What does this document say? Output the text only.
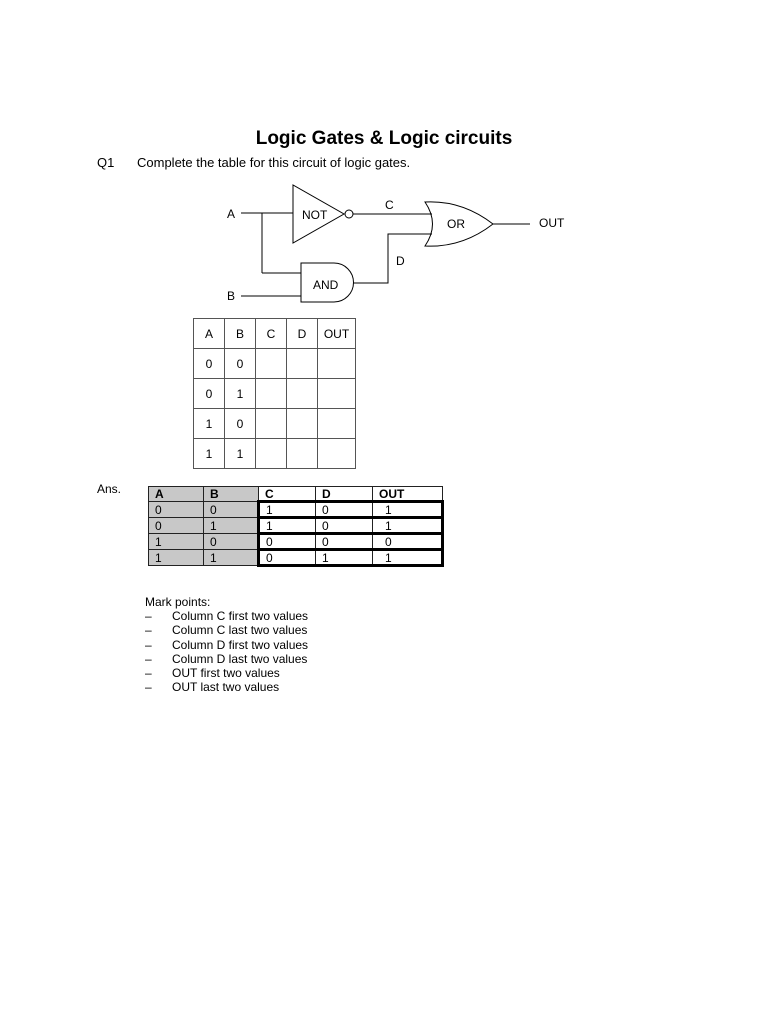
Logic Gates & Logic circuits
Q1 Complete the table for this circuit of logic gates.
A
B
NOT
AND
OR
C
D
OUT
A	B	C	D	OUT
0	0			
0	1			
1	0			
1	1			
Ans.	A	B	C	D	OUT
0	0	1	0	1
0	1	1	0	1
1	0	0	0	0
1	1	0	1	1
Mark points:
– Column C first two values
– Column C last two values
– Column D first two values
– Column D last two values
– OUT first two values
– OUT last two values
